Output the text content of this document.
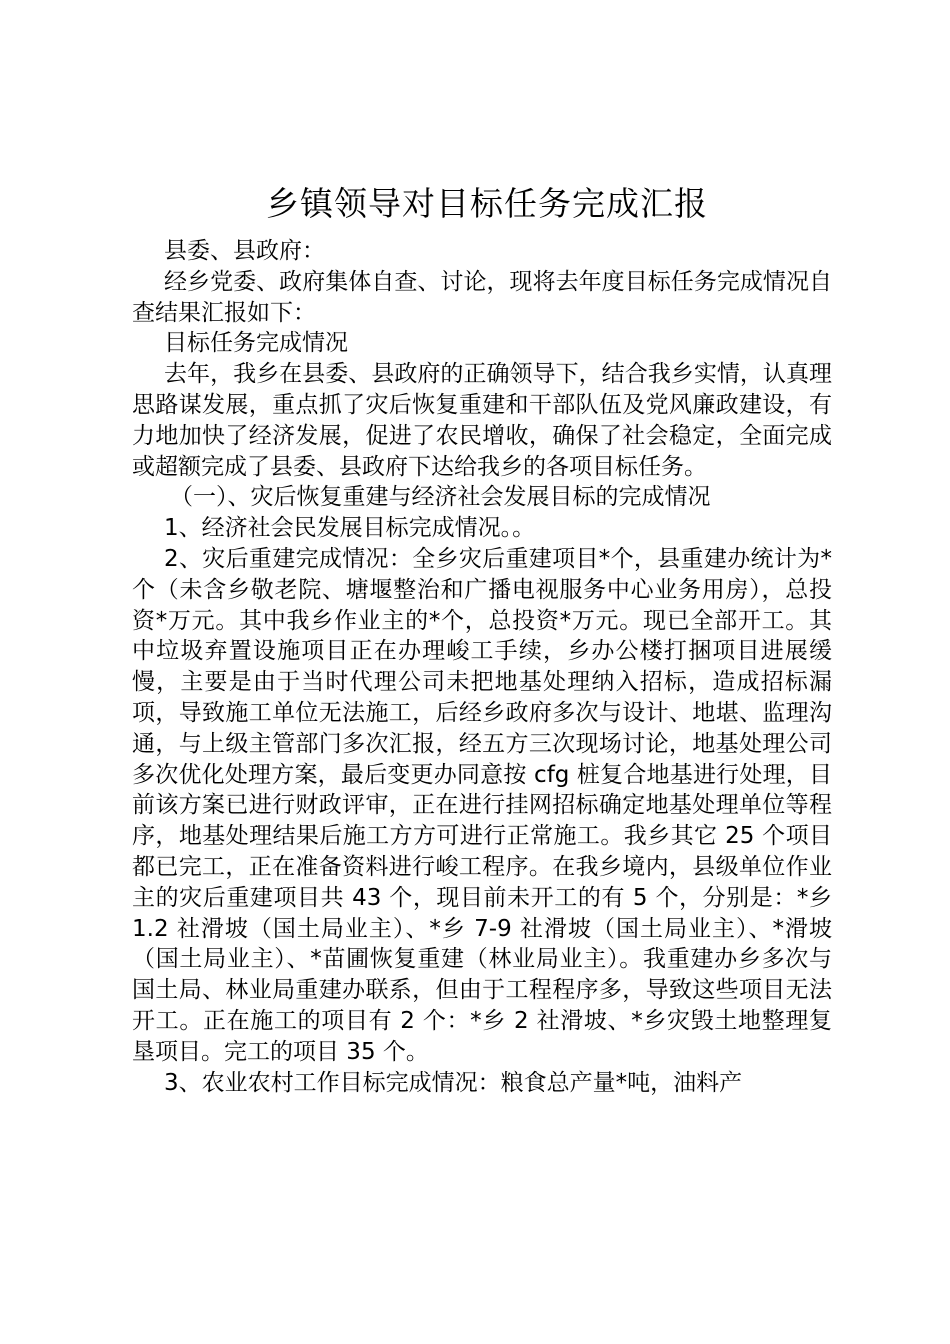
乡镇领导对目标任务完成汇报

县委、县政府：

经乡党委、政府集体自查、讨论，现将去年度目标任务完成情况自查结果汇报如下：

目标任务完成情况

去年，我乡在县委、县政府的正确领导下，结合我乡实情，认真理思路谋发展，重点抓了灾后恢复重建和干部队伍及党风廉政建设，有力地加快了经济发展，促进了农民增收，确保了社会稳定，全面完成或超额完成了县委、县政府下达给我乡的各项目标任务。

（一）、灾后恢复重建与经济社会发展目标的完成情况

1、经济社会民发展目标完成情况。。

2、灾后重建完成情况：全乡灾后重建项目*个，县重建办统计为*个（未含乡敬老院、塘堰整治和广播电视服务中心业务用房），总投资*万元。其中我乡作业主的*个，总投资*万元。现已全部开工。其中垃圾弃置设施项目正在办理峻工手续，乡办公楼打捆项目进展缓慢，主要是由于当时代理公司未把地基处理纳入招标，造成招标漏项，导致施工单位无法施工，后经乡政府多次与设计、地堪、监理沟通，与上级主管部门多次汇报，经五方三次现场讨论，地基处理公司多次优化处理方案，最后变更办同意按 cfg 桩复合地基进行处理，目前该方案已进行财政评审，正在进行挂网招标确定地基处理单位等程序，地基处理结果后施工方方可进行正常施工。我乡其它 25 个项目都已完工，正在准备资料进行峻工程序。在我乡境内，县级单位作业主的灾后重建项目共 43 个，现目前未开工的有 5 个，分别是：*乡 1.2 社滑坡（国土局业主）、*乡 7-9 社滑坡（国土局业主）、*滑坡（国土局业主）、*苗圃恢复重建（林业局业主）。我重建办乡多次与国土局、林业局重建办联系，但由于工程程序多，导致这些项目无法开工。正在施工的项目有 2 个：*乡 2 社滑坡、*乡灾毁土地整理复垦项目。完工的项目 35 个。

3、农业农村工作目标完成情况：粮食总产量*吨，油料产
